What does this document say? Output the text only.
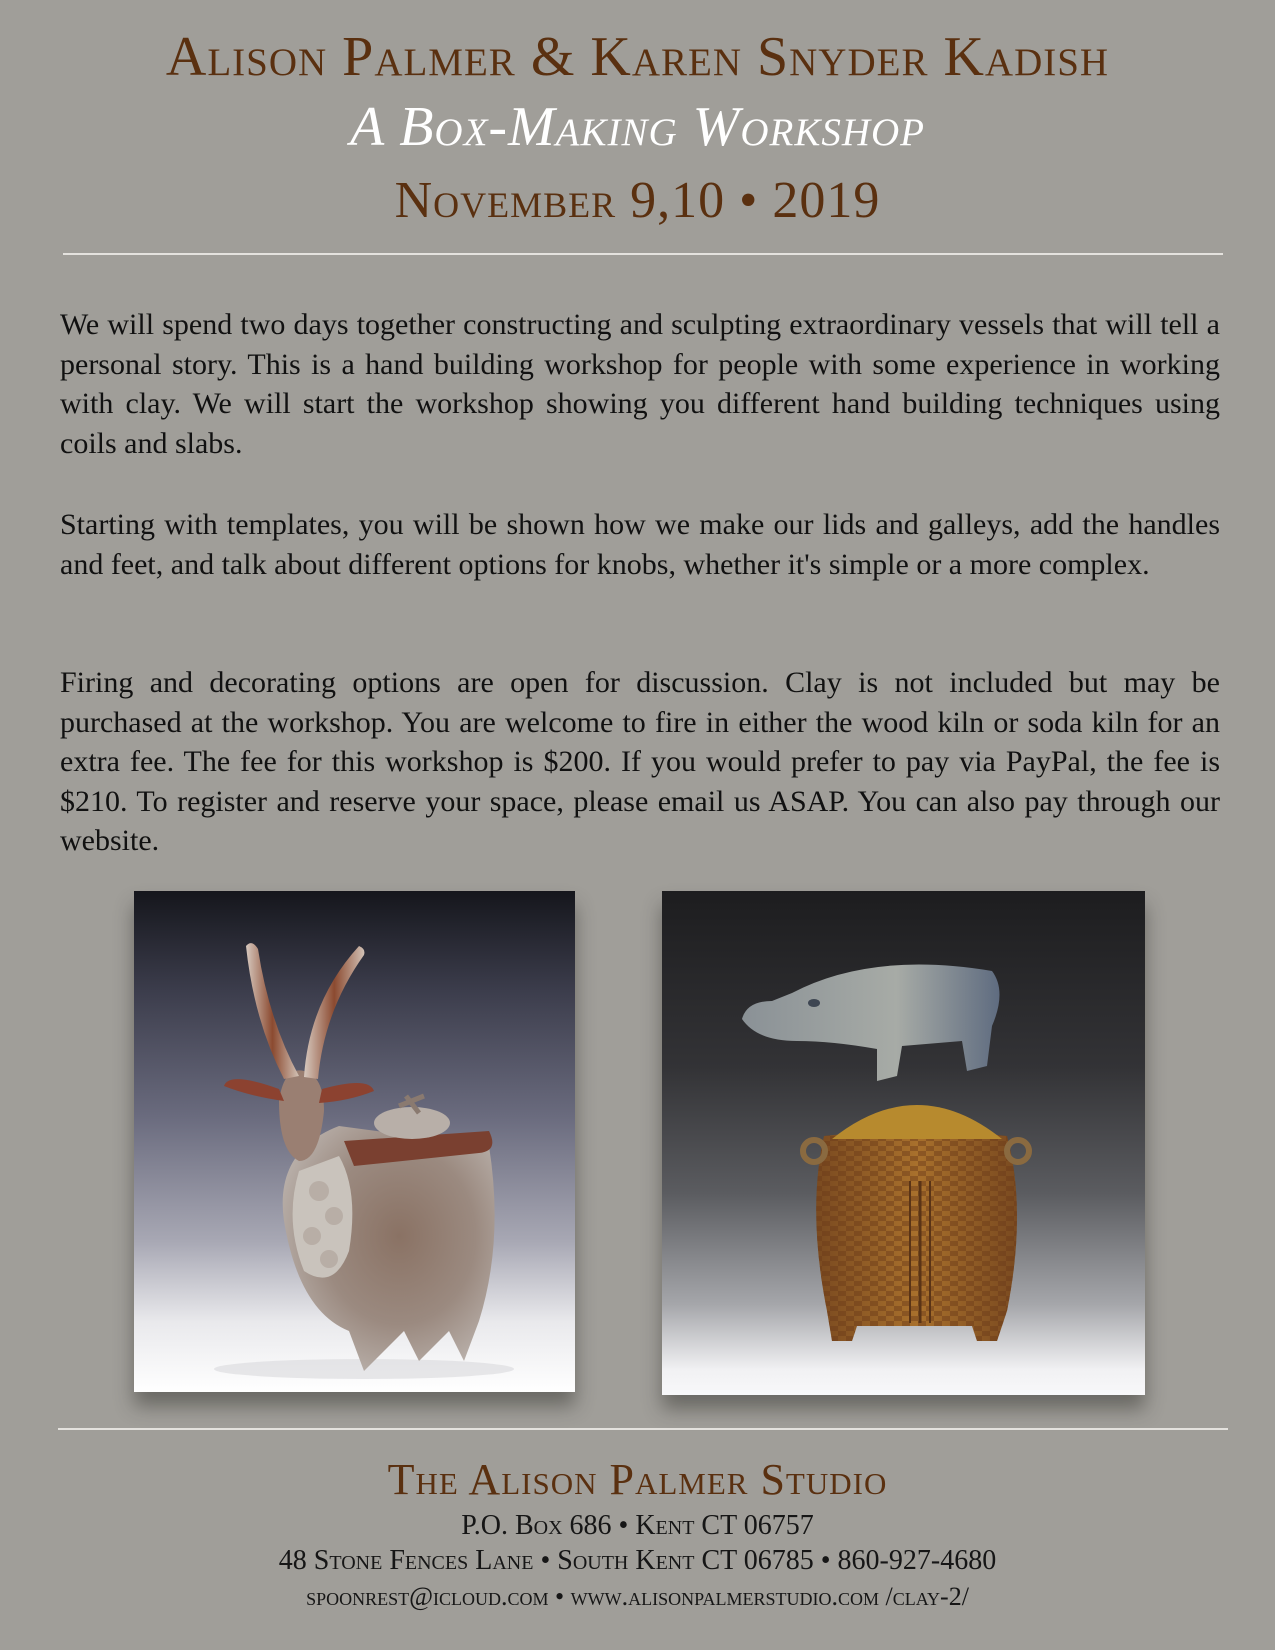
Alison Palmer & Karen Snyder Kadish
A Box-Making Workshop
November 9,10 • 2019

We will spend two days together constructing and sculpting extraordinary vessels that will tell a personal story. This is a hand building workshop for people with some experience in working with clay. We will start the workshop showing you different hand building techniques using coils and slabs.

Starting with templates, you will be shown how we make our lids and galleys, add the handles and feet, and talk about different options for knobs, whether it's simple or a more complex.

Firing and decorating options are open for discussion. Clay is not included but may be purchased at the workshop. You are welcome to fire in either the wood kiln or soda kiln for an extra fee. The fee for this workshop is $200. If you would prefer to pay via PayPal, the fee is $210. To register and reserve your space, please email us ASAP. You can also pay through our website.

The Alison Palmer Studio
P.O. Box 686 • Kent CT 06757
48 Stone Fences Lane • South Kent CT 06785 • 860-927-4680
spoonrest@icloud.com • www.alisonpalmerstudio.com /clay-2/
